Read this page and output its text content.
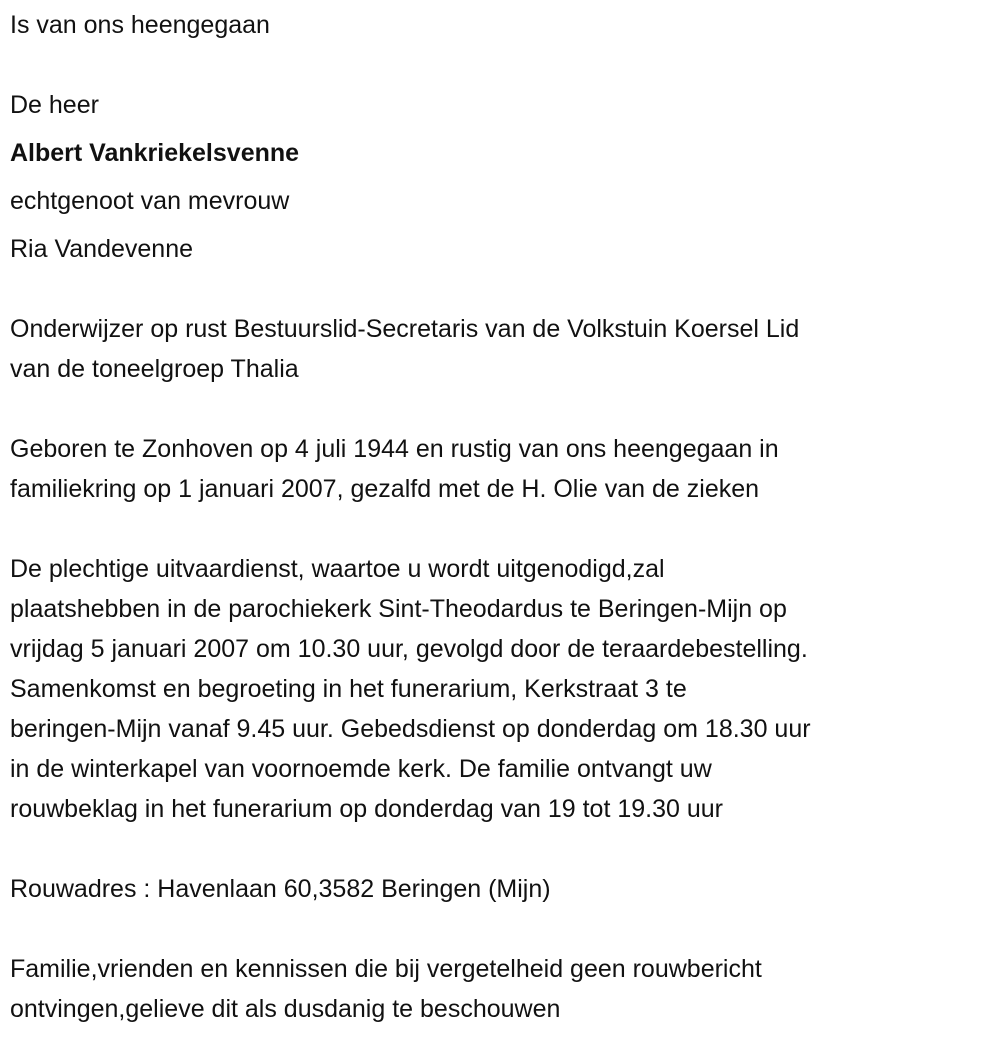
Is van ons heengegaan
De heer
Albert Vankriekelsvenne
echtgenoot van mevrouw
Ria Vandevenne
Onderwijzer op rust Bestuurslid-Secretaris van de Volkstuin Koersel Lid
van de toneelgroep Thalia
Geboren te Zonhoven op 4 juli 1944 en rustig van ons heengegaan in
familiekring op 1 januari 2007, gezalfd met de H. Olie van de zieken
De plechtige uitvaardienst, waartoe u wordt uitgenodigd,zal
plaatshebben in de parochiekerk Sint-Theodardus te Beringen-Mijn op
vrijdag 5 januari 2007 om 10.30 uur, gevolgd door de teraardebestelling.
Samenkomst en begroeting in het funerarium, Kerkstraat 3 te
beringen-Mijn vanaf 9.45 uur. Gebedsdienst op donderdag om 18.30 uur
in de winterkapel van voornoemde kerk. De familie ontvangt uw
rouwbeklag in het funerarium op donderdag van 19 tot 19.30 uur
Rouwadres : Havenlaan 60,3582 Beringen (Mijn)
Familie,vrienden en kennissen die bij vergetelheid geen rouwbericht
ontvingen,gelieve dit als dusdanig te beschouwen
